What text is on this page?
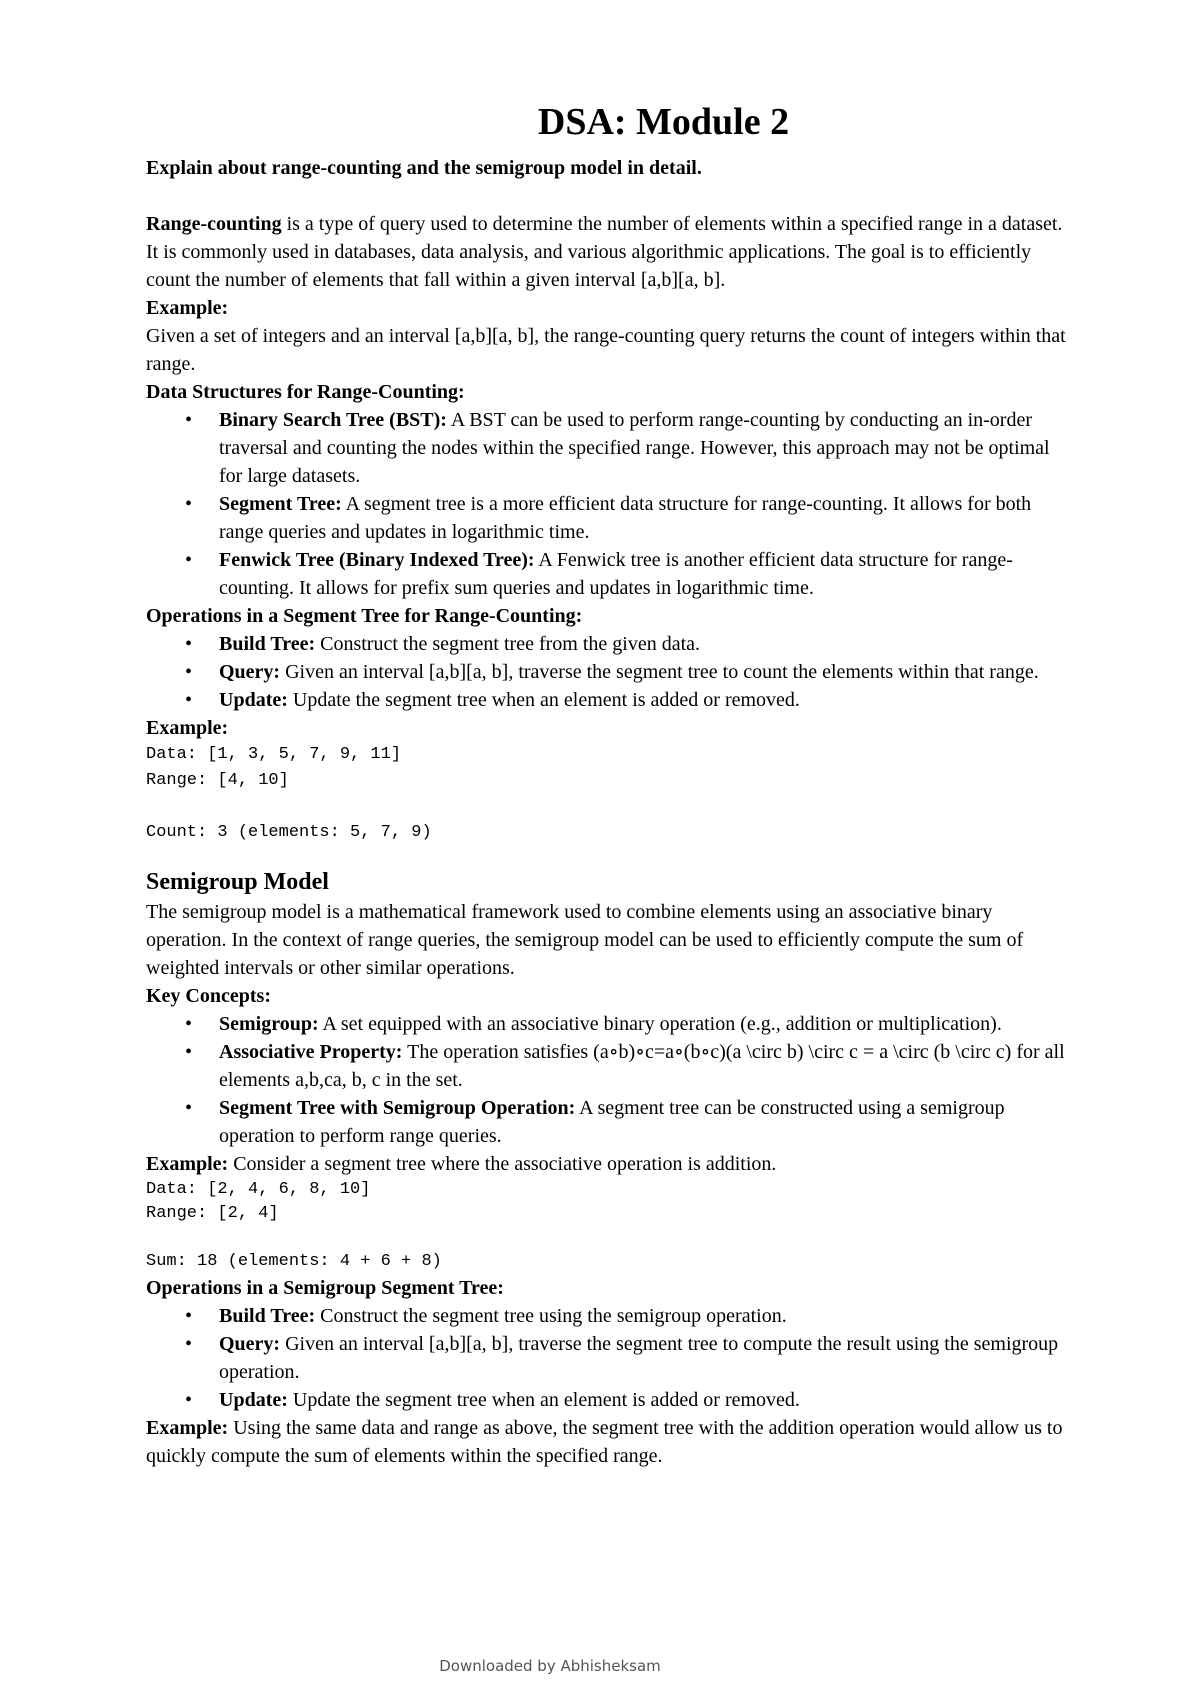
DSA: Module 2

Explain about range-counting and the semigroup model in detail.

Range-counting is a type of query used to determine the number of elements within a specified range in a dataset. It is commonly used in databases, data analysis, and various algorithmic applications. The goal is to efficiently count the number of elements that fall within a given interval [a,b][a, b].

Example:

Given a set of integers and an interval [a,b][a, b], the range-counting query returns the count of integers within that range.

Data Structures for Range-Counting:

• Binary Search Tree (BST): A BST can be used to perform range-counting by conducting an in-order traversal and counting the nodes within the specified range. However, this approach may not be optimal for large datasets.
• Segment Tree: A segment tree is a more efficient data structure for range-counting. It allows for both range queries and updates in logarithmic time.
• Fenwick Tree (Binary Indexed Tree): A Fenwick tree is another efficient data structure for range-counting. It allows for prefix sum queries and updates in logarithmic time.

Operations in a Segment Tree for Range-Counting:

• Build Tree: Construct the segment tree from the given data.
• Query: Given an interval [a,b][a, b], traverse the segment tree to count the elements within that range.
• Update: Update the segment tree when an element is added or removed.

Example:

Data: [1, 3, 5, 7, 9, 11]
Range: [4, 10]

Count: 3 (elements: 5, 7, 9)
Semigroup Model

The semigroup model is a mathematical framework used to combine elements using an associative binary operation. In the context of range queries, the semigroup model can be used to efficiently compute the sum of weighted intervals or other similar operations.

Key Concepts:

• Semigroup: A set equipped with an associative binary operation (e.g., addition or multiplication).
• Associative Property: The operation satisfies (a∘b)∘c=a∘(b∘c)(a \circ b) \circ c = a \circ (b \circ c) for all elements a,b,ca, b, c in the set.
• Segment Tree with Semigroup Operation: A segment tree can be constructed using a semigroup operation to perform range queries.

Example: Consider a segment tree where the associative operation is addition.

Data: [2, 4, 6, 8, 10]
Range: [2, 4]

Sum: 18 (elements: 4 + 6 + 8)

Operations in a Semigroup Segment Tree:

• Build Tree: Construct the segment tree using the semigroup operation.
• Query: Given an interval [a,b][a, b], traverse the segment tree to compute the result using the semigroup operation.
• Update: Update the segment tree when an element is added or removed.

Example: Using the same data and range as above, the segment tree with the addition operation would allow us to quickly compute the sum of elements within the specified range.

Downloaded by Abhisheksam
